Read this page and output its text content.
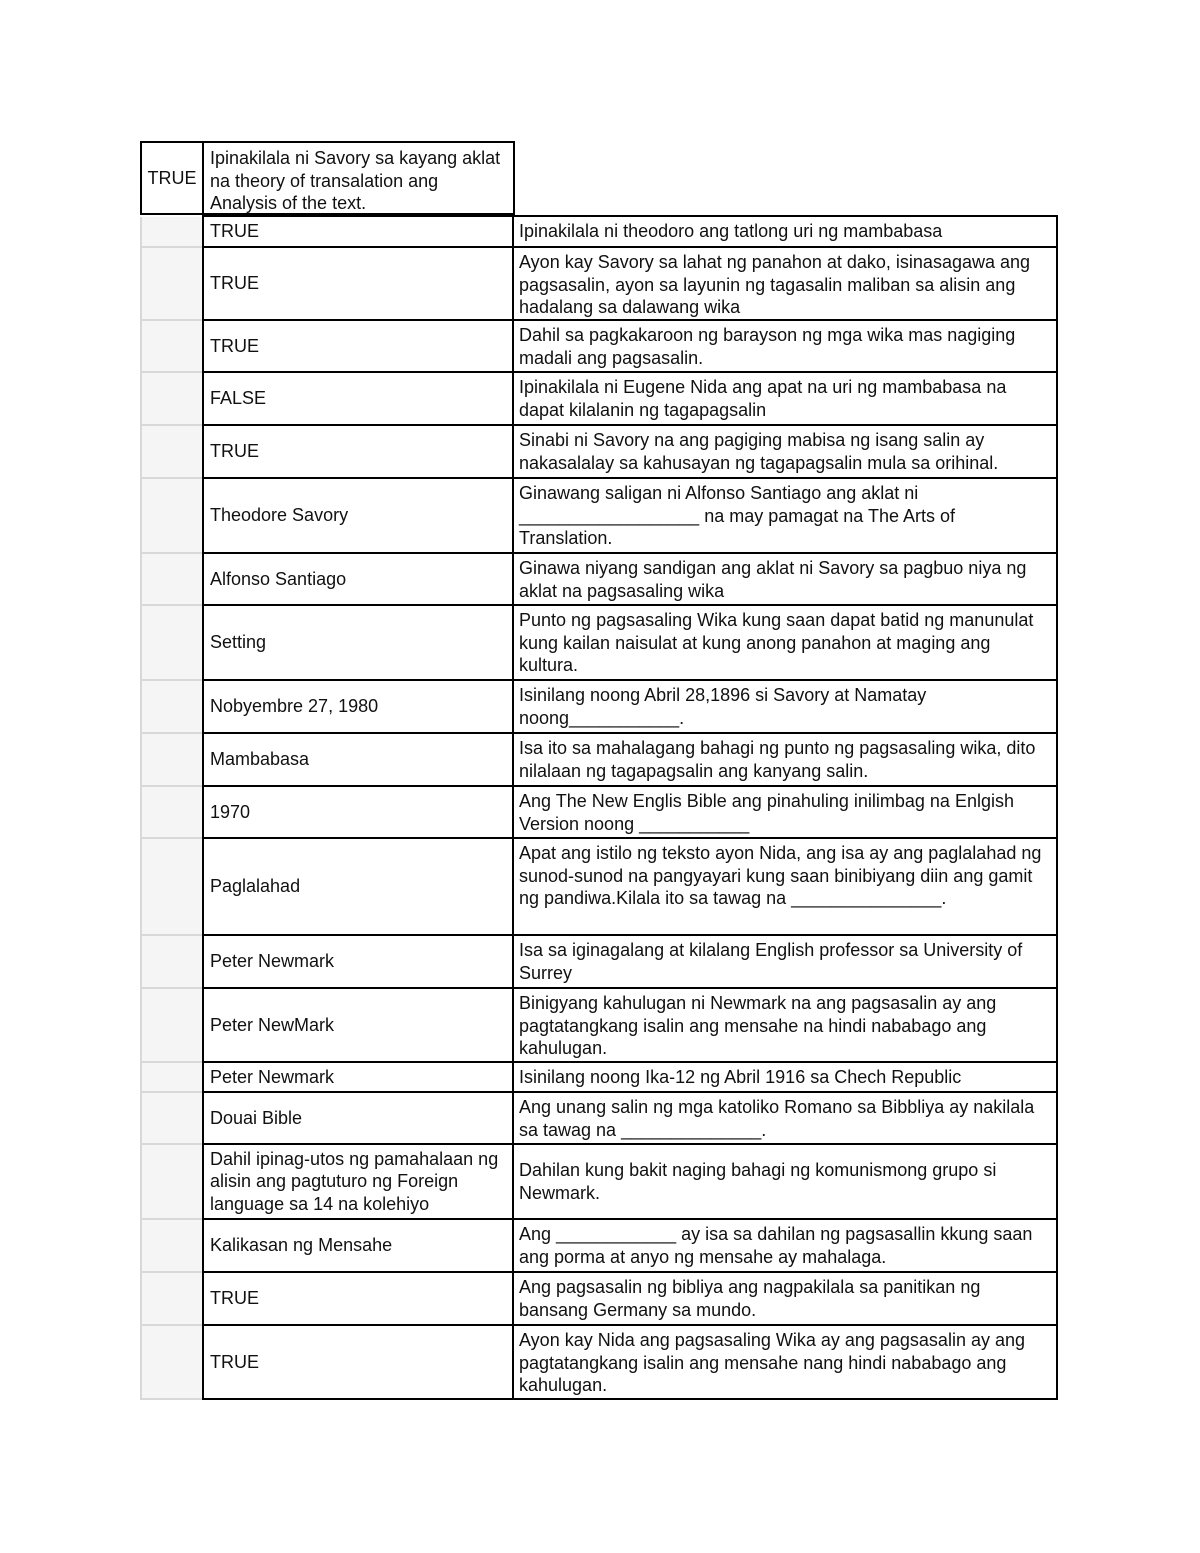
TRUE
Ipinakilala ni Savory sa kayang aklat na theory of transalation ang Analysis of the text.
TRUE	Ipinakilala ni theodoro ang tatlong uri ng mambabasa
TRUE
Ayon kay Savory sa lahat ng panahon at dako, isinasagawa ang pagsasalin, ayon sa layunin ng tagasalin maliban sa alisin ang hadalang sa dalawang wika
TRUE
Dahil sa pagkakaroon ng barayson ng mga wika mas nagiging madali ang pagsasalin.
FALSE
Ipinakilala ni Eugene Nida ang apat na uri ng mambabasa na dapat kilalanin ng tagapagsalin
TRUE
Sinabi ni Savory na ang pagiging mabisa ng isang salin ay nakasalalay sa kahusayan ng tagapagsalin mula sa orihinal.
Theodore Savory
Ginawang saligan ni Alfonso Santiago ang aklat ni __________________ na may pamagat na The Arts of Translation.
Alfonso Santiago
Ginawa niyang sandigan ang aklat ni Savory sa pagbuo niya ng aklat na pagsasaling wika
Setting
Punto ng pagsasaling Wika kung saan dapat batid ng manunulat kung kailan naisulat at kung anong panahon at maging ang kultura.
Nobyembre 27, 1980
Isinilang noong Abril 28,1896 si Savory at Namatay noong___________.
Mambabasa
Isa ito sa mahalagang bahagi ng punto ng pagsasaling wika, dito nilalaan ng tagapagsalin ang kanyang salin.
1970
Ang The New Englis Bible ang pinahuling inilimbag na Enlgish Version noong ___________
Paglalahad
Apat ang istilo ng teksto ayon Nida, ang isa ay ang paglalahad ng sunod-sunod na pangyayari kung saan binibiyang diin ang gamit ng pandiwa.Kilala ito sa tawag na _______________.
Peter Newmark
Isa sa iginagalang at kilalang English professor sa University of Surrey
Peter NewMark
Binigyang kahulugan ni Newmark na ang pagsasalin ay ang pagtatangkang isalin ang mensahe na hindi nababago ang kahulugan.
Peter Newmark	Isinilang noong Ika-12 ng Abril 1916 sa Chech Republic
Douai Bible
Ang unang salin ng mga katoliko Romano sa Bibbliya ay nakilala sa tawag na ______________.
Dahil ipinag-utos ng pamahalaan ng alisin ang pagtuturo ng Foreign language sa 14 na kolehiyo
Dahilan kung bakit naging bahagi ng komunismong grupo si Newmark.
Kalikasan ng Mensahe
Ang ____________ ay isa sa dahilan ng pagsasallin kkung saan ang porma at anyo ng mensahe ay mahalaga.
TRUE
Ang pagsasalin ng bibliya ang nagpakilala sa panitikan ng bansang Germany sa mundo.
TRUE
Ayon kay Nida ang pagsasaling Wika ay ang pagsasalin ay ang pagtatangkang isalin ang mensahe nang hindi nababago ang kahulugan.
